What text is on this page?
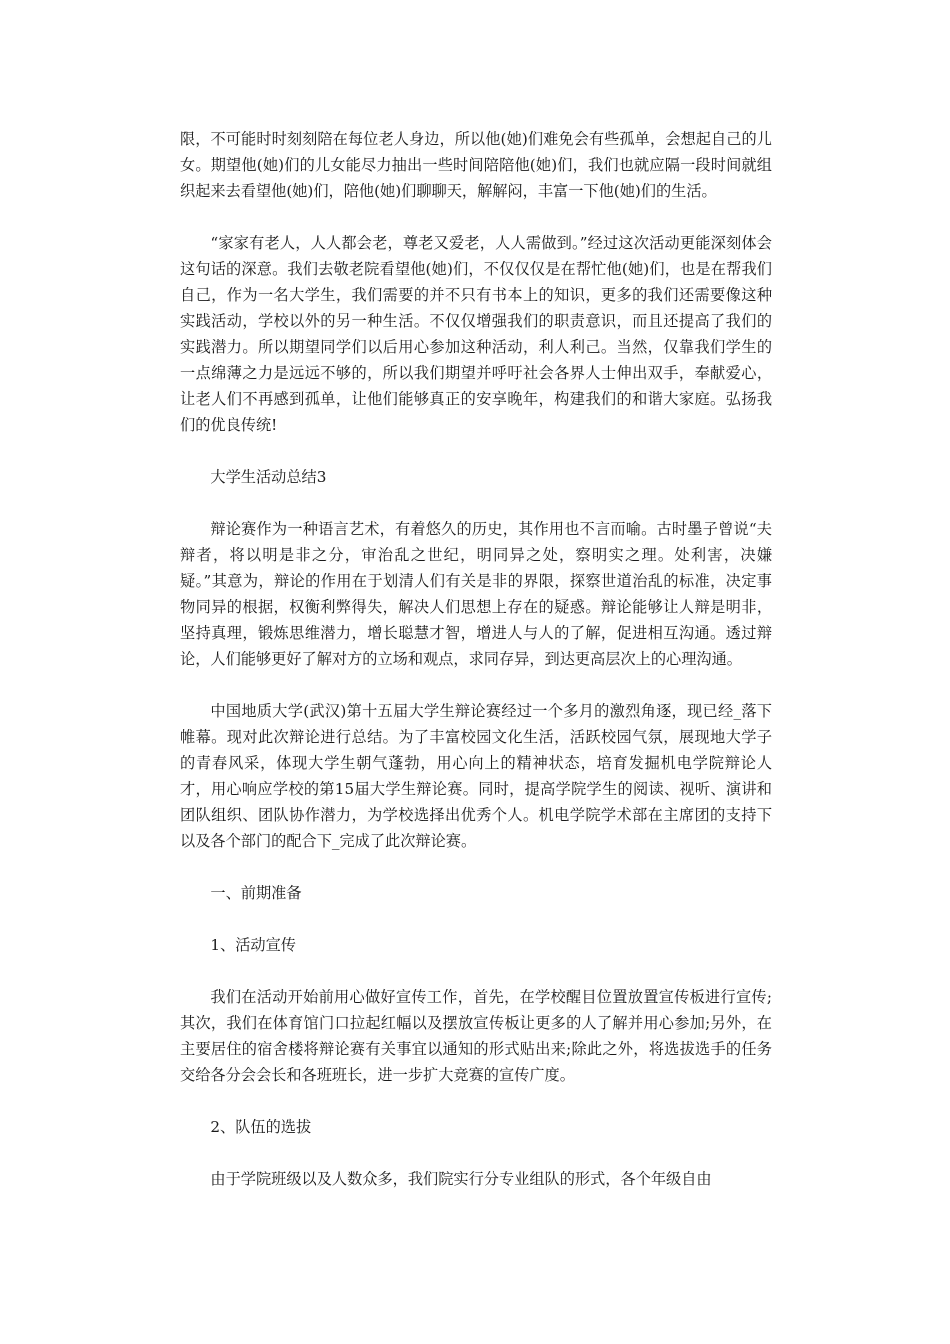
限，不可能时时刻刻陪在每位老人身边，所以他(她)们难免会有些孤单，会想起自己的儿女。期望他(她)们的儿女能尽力抽出一些时间陪陪他(她)们，我们也就应隔一段时间就组织起来去看望他(她)们，陪他(她)们聊聊天，解解闷，丰富一下他(她)们的生活。

“家家有老人，人人都会老，尊老又爱老，人人需做到。”经过这次活动更能深刻体会这句话的深意。我们去敬老院看望他(她)们，不仅仅仅是在帮忙他(她)们，也是在帮我们自己，作为一名大学生，我们需要的并不只有书本上的知识，更多的我们还需要像这种实践活动，学校以外的另一种生活。不仅仅增强我们的职责意识，而且还提高了我们的实践潜力。所以期望同学们以后用心参加这种活动，利人利己。当然，仅靠我们学生的一点绵薄之力是远远不够的，所以我们期望并呼吁社会各界人士伸出双手，奉献爱心，让老人们不再感到孤单，让他们能够真正的安享晚年，构建我们的和谐大家庭。弘扬我们的优良传统!

大学生活动总结3

辩论赛作为一种语言艺术，有着悠久的历史，其作用也不言而喻。古时墨子曾说“夫辩者，将以明是非之分，审治乱之世纪，明同异之处，察明实之理。处利害，决嫌疑。”其意为，辩论的作用在于划清人们有关是非的界限，探察世道治乱的标准，决定事物同异的根据，权衡利弊得失，解决人们思想上存在的疑惑。辩论能够让人辩是明非，坚持真理，锻炼思维潜力，增长聪慧才智，增进人与人的了解，促进相互沟通。透过辩论，人们能够更好了解对方的立场和观点，求同存异，到达更高层次上的心理沟通。

中国地质大学(武汉)第十五届大学生辩论赛经过一个多月的激烈角逐，现已经_落下帷幕。现对此次辩论进行总结。为了丰富校园文化生活，活跃校园气氛，展现地大学子的青春风采，体现大学生朝气蓬勃，用心向上的精神状态，培育发掘机电学院辩论人才，用心响应学校的第15届大学生辩论赛。同时，提高学院学生的阅读、视听、演讲和团队组织、团队协作潜力，为学校选择出优秀个人。机电学院学术部在主席团的支持下以及各个部门的配合下_完成了此次辩论赛。

一、前期准备

1、活动宣传

我们在活动开始前用心做好宣传工作，首先，在学校醒目位置放置宣传板进行宣传;其次，我们在体育馆门口拉起红幅以及摆放宣传板让更多的人了解并用心参加;另外，在主要居住的宿舍楼将辩论赛有关事宜以通知的形式贴出来;除此之外，将选拔选手的任务交给各分会会长和各班班长，进一步扩大竞赛的宣传广度。

2、队伍的选拔

由于学院班级以及人数众多，我们院实行分专业组队的形式，各个年级自由
